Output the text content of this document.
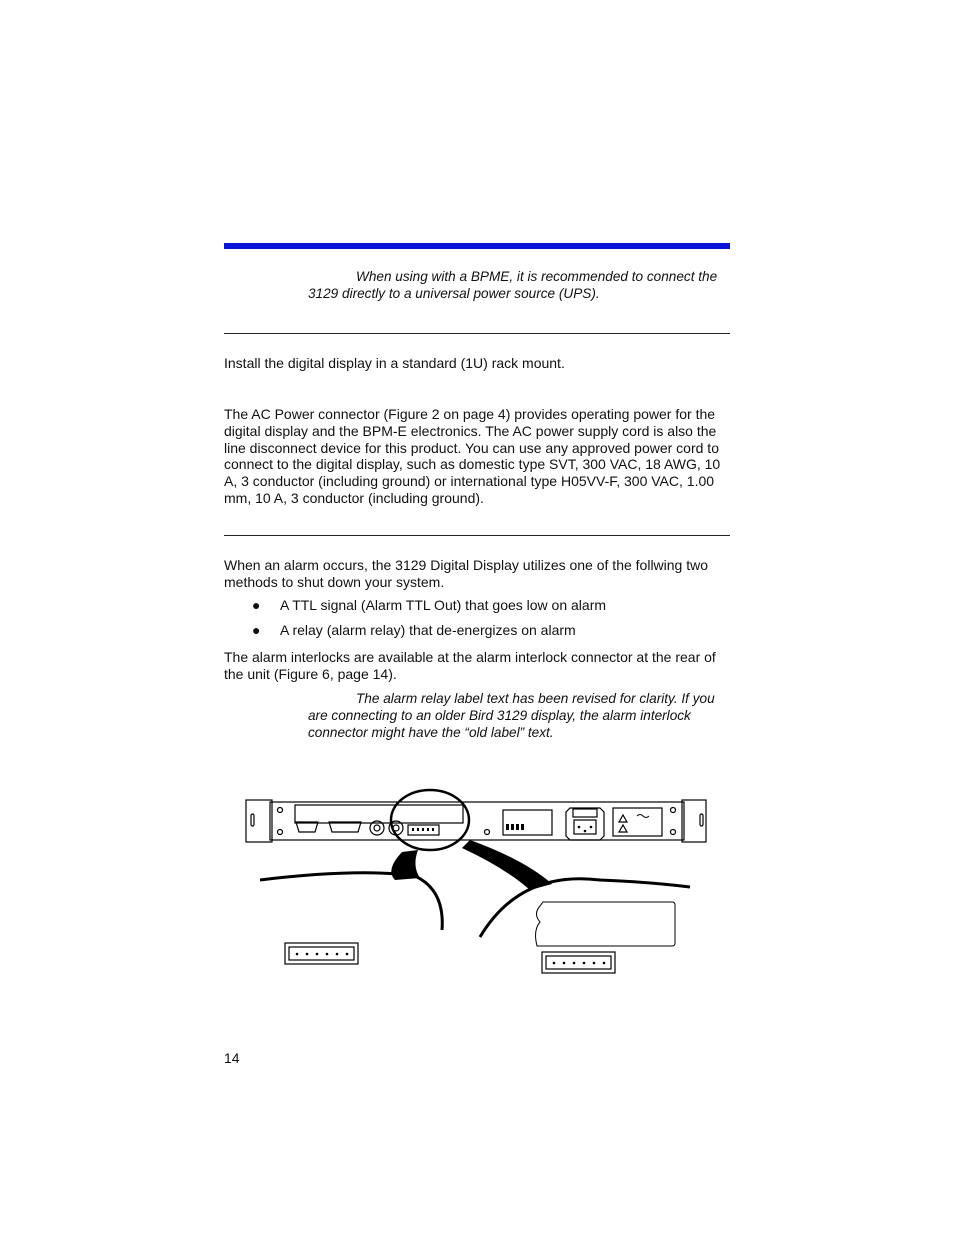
When using with a BPME, it is recommended to connect the 3129 directly to a universal power source (UPS).
Install the digital display in a standard (1U) rack mount.
The AC Power connector (Figure 2 on page 4) provides operating power for the digital display and the BPM-E electronics. The AC power supply cord is also the line disconnect device for this product. You can use any approved power cord to connect to the digital display, such as domestic type SVT, 300 VAC, 18 AWG, 10 A, 3 conductor (including ground) or international type H05VV-F, 300 VAC, 1.00 mm, 10 A, 3 conductor (including ground).
When an alarm occurs, the 3129 Digital Display utilizes one of the follwing two methods to shut down your system.
● A TTL signal (Alarm TTL Out) that goes low on alarm
● A relay (alarm relay) that de-energizes on alarm
The alarm interlocks are available at the alarm interlock connector at the rear of the unit (Figure 6, page 14).
The alarm relay label text has been revised for clarity. If you are connecting to an older Bird 3129 display, the alarm interlock connector might have the “old label” text.
14
